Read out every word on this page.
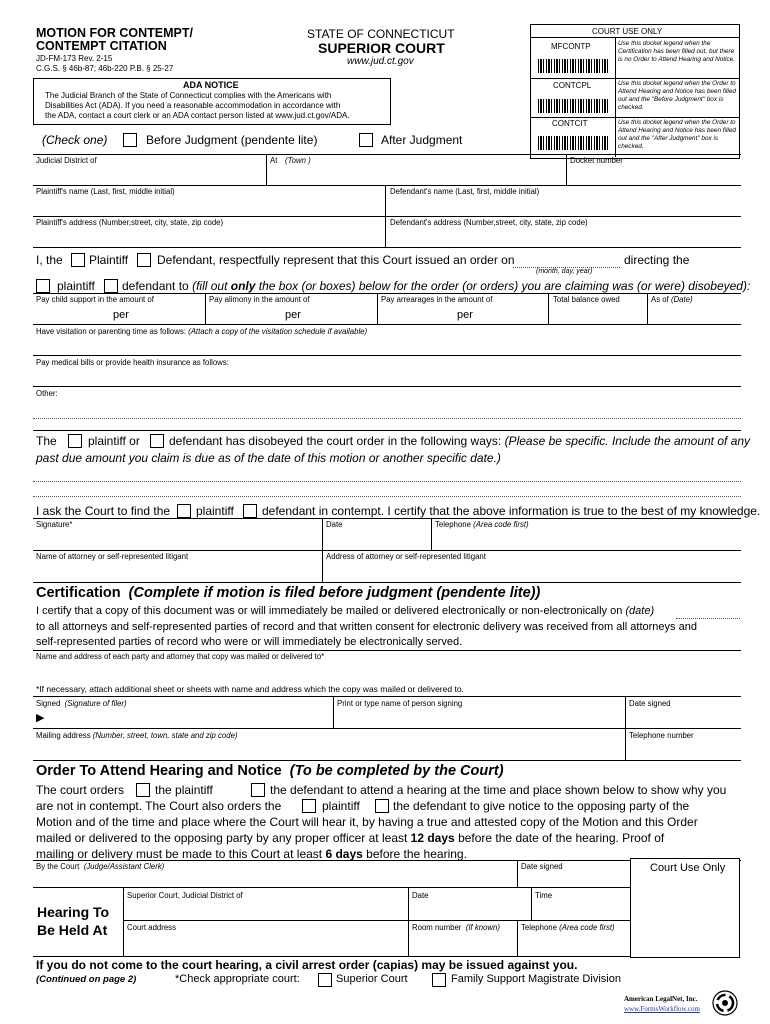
MOTION FOR CONTEMPT/
CONTEMPT CITATION
JD-FM-173 Rev. 2-15
C.G.S. § 46b-87; 46b-220 P.B. § 25-27
STATE OF CONNECTICUT
SUPERIOR COURT
www.jud.ct.gov
COURT USE ONLY
MFCONTP	Use this docket legend when the Certification has been filled out, but there is no Order to Attend Hearing and Notice.
CONTCPL	Use this docket legend when the Order to Attend Hearing and Notice has been filled out and the "Before Judgment" box is checked.
CONTCIT	Use this docket legend when the Order to Attend Hearing and Notice has been filled out and the "After Judgment" box is checked.
ADA NOTICE
The Judicial Branch of the State of Connecticut complies with the Americans with
Disabilities Act (ADA). If you need a reasonable accommodation in accordance with
the ADA, contact a court clerk or an ADA contact person listed at www.jud.ct.gov/ADA.
(Check one)	Before Judgment (pendente lite)	After Judgment
Judicial District of	At (Town )	Docket number
Plaintiff's name (Last, first, middle initial)	Defendant's name (Last, first, middle initial)
Plaintiff's address (Number,street, city, state, zip code)	Defendant's address (Number,street, city, state, zip code)
I, the Plaintiff Defendant, respectfully represent that this Court issued an order on	directing the
(month, day, year)
plaintiff defendant to (fill out only the box (or boxes) below for the order (or orders) you are claiming was (or were) disobeyed):
Pay child support in the amount of	Pay alimony in the amount of	Pay arrearages in the amount of	Total balance owed	As of (Date)
per	per	per
Have visitation or parenting time as follows: (Attach a copy of the visitation schedule if available)
Pay medical bills or provide health insurance as follows:
Other:
The	plaintiff or defendant has disobeyed the court order in the following ways: (Please be specific. Include the amount of any
past due amount you claim is due as of the date of this motion or another specific date.)
I ask the Court to find the plaintiff defendant in contempt. I certify that the above information is true to the best of my knowledge.
Signature*	Date	Telephone (Area code first)
Name of attorney or self-represented litigant	Address of attorney or self-represented litigant
Certification (Complete if motion is filed before judgment (pendente lite))
I certify that a copy of this document was or will immediately be mailed or delivered electronically or non-electronically on (date)
to all attorneys and self-represented parties of record and that written consent for electronic delivery was received from all attorneys and
self-represented parties of record who were or will immediately be electronically served.
Name and address of each party and attorney that copy was mailed or delivered to*
*If necessary, attach additional sheet or sheets with name and address which the copy was mailed or delivered to.
Signed (Signature of filer)
▶
Print or type name of person signing	Date signed
Mailing address (Number, street, town, state and zip code)	Telephone number
Order To Attend Hearing and Notice (To be completed by the Court)
The court orders	the plaintiff	the defendant to attend a hearing at the time and place shown below to show why you
are not in contempt. The Court also orders the	plaintiff	the defendant to give notice to the opposing party of the
Motion and of the time and place where the Court will hear it, by having a true and attested copy of the Motion and this Order
mailed or delivered to the opposing party by any proper officer at least 12 days before the date of the hearing. Proof of
mailing or delivery must be made to this Court at least 6 days before the hearing.
By the Court (Judge/Assistant Clerk)	Date signed	Court Use Only
Hearing To
Be Held At
Superior Court, Judicial District of	Date	Time
Court address	Room number (If known)	Telephone (Area code first)
If you do not come to the court hearing, a civil arrest order (capias) may be issued against you.
(Continued on page 2)	*Check appropriate court:	Superior Court	Family Support Magistrate Division
American LegalNet, Inc.
www.FormsWorkflow.com
